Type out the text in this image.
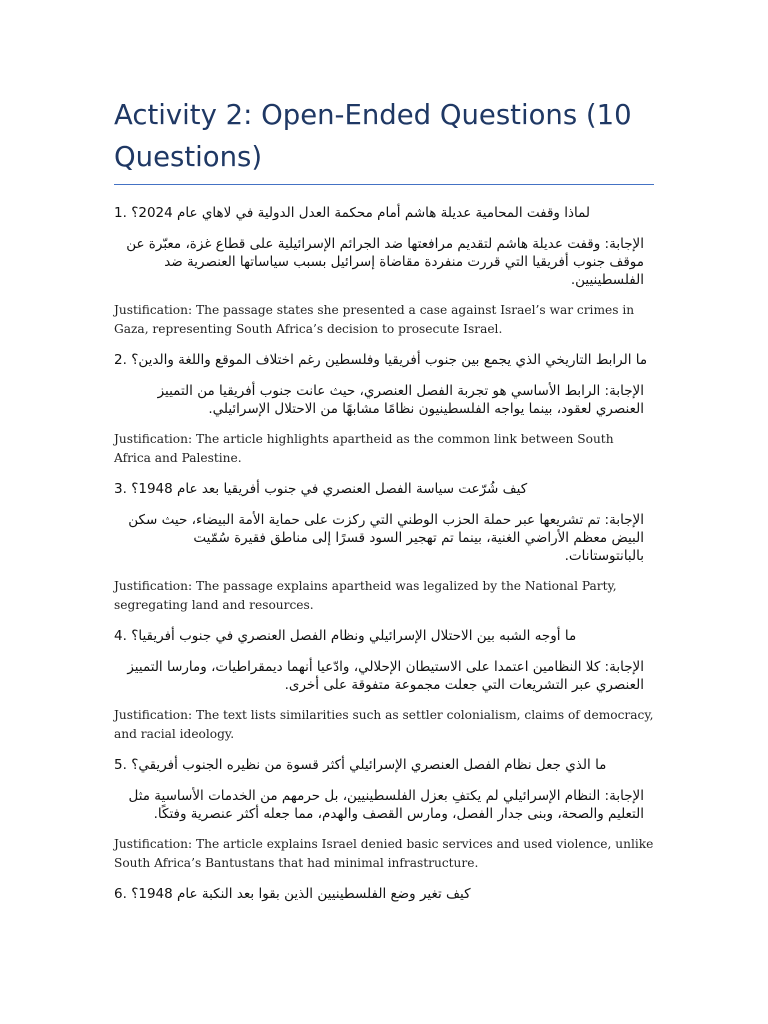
Activity 2: Open-Ended Questions (10 Questions)

1. لماذا وقفت المحامية عديلة هاشم أمام محكمة العدل الدولية في لاهاي عام 2024؟

الإجابة: وقفت عديلة هاشم لتقديم مرافعتها ضد الجرائم الإسرائيلية على قطاع غزة، معبّرة عن موقف جنوب أفريقيا التي قررت منفردة مقاضاة إسرائيل بسبب سياساتها العنصرية ضد الفلسطينيين.

Justification: The passage states she presented a case against Israel’s war crimes in Gaza, representing South Africa’s decision to prosecute Israel.

2. ما الرابط التاريخي الذي يجمع بين جنوب أفريقيا وفلسطين رغم اختلاف الموقع واللغة والدين؟

الإجابة: الرابط الأساسي هو تجربة الفصل العنصري، حيث عانت جنوب أفريقيا من التمييز العنصري لعقود، بينما يواجه الفلسطينيون نظامًا مشابهًا من الاحتلال الإسرائيلي.

Justification: The article highlights apartheid as the common link between South Africa and Palestine.

3. كيف شُرّعت سياسة الفصل العنصري في جنوب أفريقيا بعد عام 1948؟

الإجابة: تم تشريعها عبر حملة الحزب الوطني التي ركزت على حماية الأمة البيضاء، حيث سكن البيض معظم الأراضي الغنية، بينما تم تهجير السود قسرًا إلى مناطق فقيرة سُمّيت بالبانتوستانات.

Justification: The passage explains apartheid was legalized by the National Party, segregating land and resources.

4. ما أوجه الشبه بين الاحتلال الإسرائيلي ونظام الفصل العنصري في جنوب أفريقيا؟

الإجابة: كلا النظامين اعتمدا على الاستيطان الإحلالي، وادّعيا أنهما ديمقراطيات، ومارسا التمييز العنصري عبر التشريعات التي جعلت مجموعة متفوقة على أخرى.

Justification: The text lists similarities such as settler colonialism, claims of democracy, and racial ideology.

5. ما الذي جعل نظام الفصل العنصري الإسرائيلي أكثر قسوة من نظيره الجنوب أفريقي؟

الإجابة: النظام الإسرائيلي لم يكتفِ بعزل الفلسطينيين، بل حرمهم من الخدمات الأساسية مثل التعليم والصحة، وبنى جدار الفصل، ومارس القصف والهدم، مما جعله أكثر عنصرية وفتكًا.

Justification: The article explains Israel denied basic services and used violence, unlike South Africa’s Bantustans that had minimal infrastructure.

6. كيف تغير وضع الفلسطينيين الذين بقوا بعد النكبة عام 1948؟
